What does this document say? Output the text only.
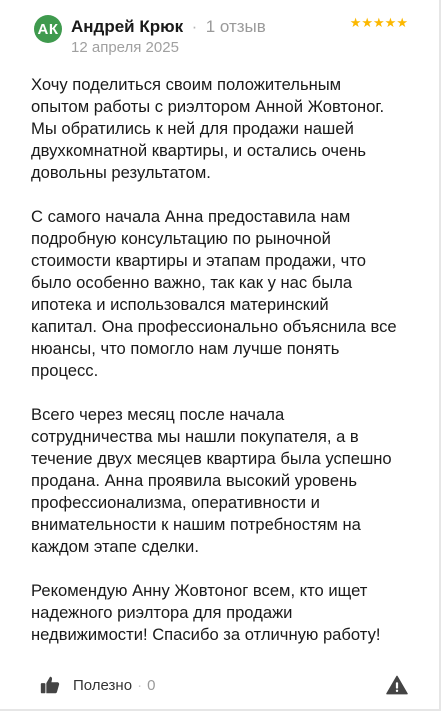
АК Андрей Крюк · 1 отзыв
12 апреля 2025
★★★★★

Хочу поделиться своим положительным
опытом работы с риэлтором Анной Жовтоног.
Мы обратились к ней для продажи нашей
двухкомнатной квартиры, и остались очень
довольны результатом.

С самого начала Анна предоставила нам
подробную консультацию по рыночной
стоимости квартиры и этапам продажи, что
было особенно важно, так как у нас была
ипотека и использовался материнский
капитал. Она профессионально объяснила все
нюансы, что помогло нам лучше понять
процесс.

Всего через месяц после начала
сотрудничества мы нашли покупателя, а в
течение двух месяцев квартира была успешно
продана. Анна проявила высокий уровень
профессионализма, оперативности и
внимательности к нашим потребностям на
каждом этапе сделки.

Рекомендую Анну Жовтоног всем, кто ищет
надежного риэлтора для продажи
недвижимости! Спасибо за отличную работу!

Полезно · 0
